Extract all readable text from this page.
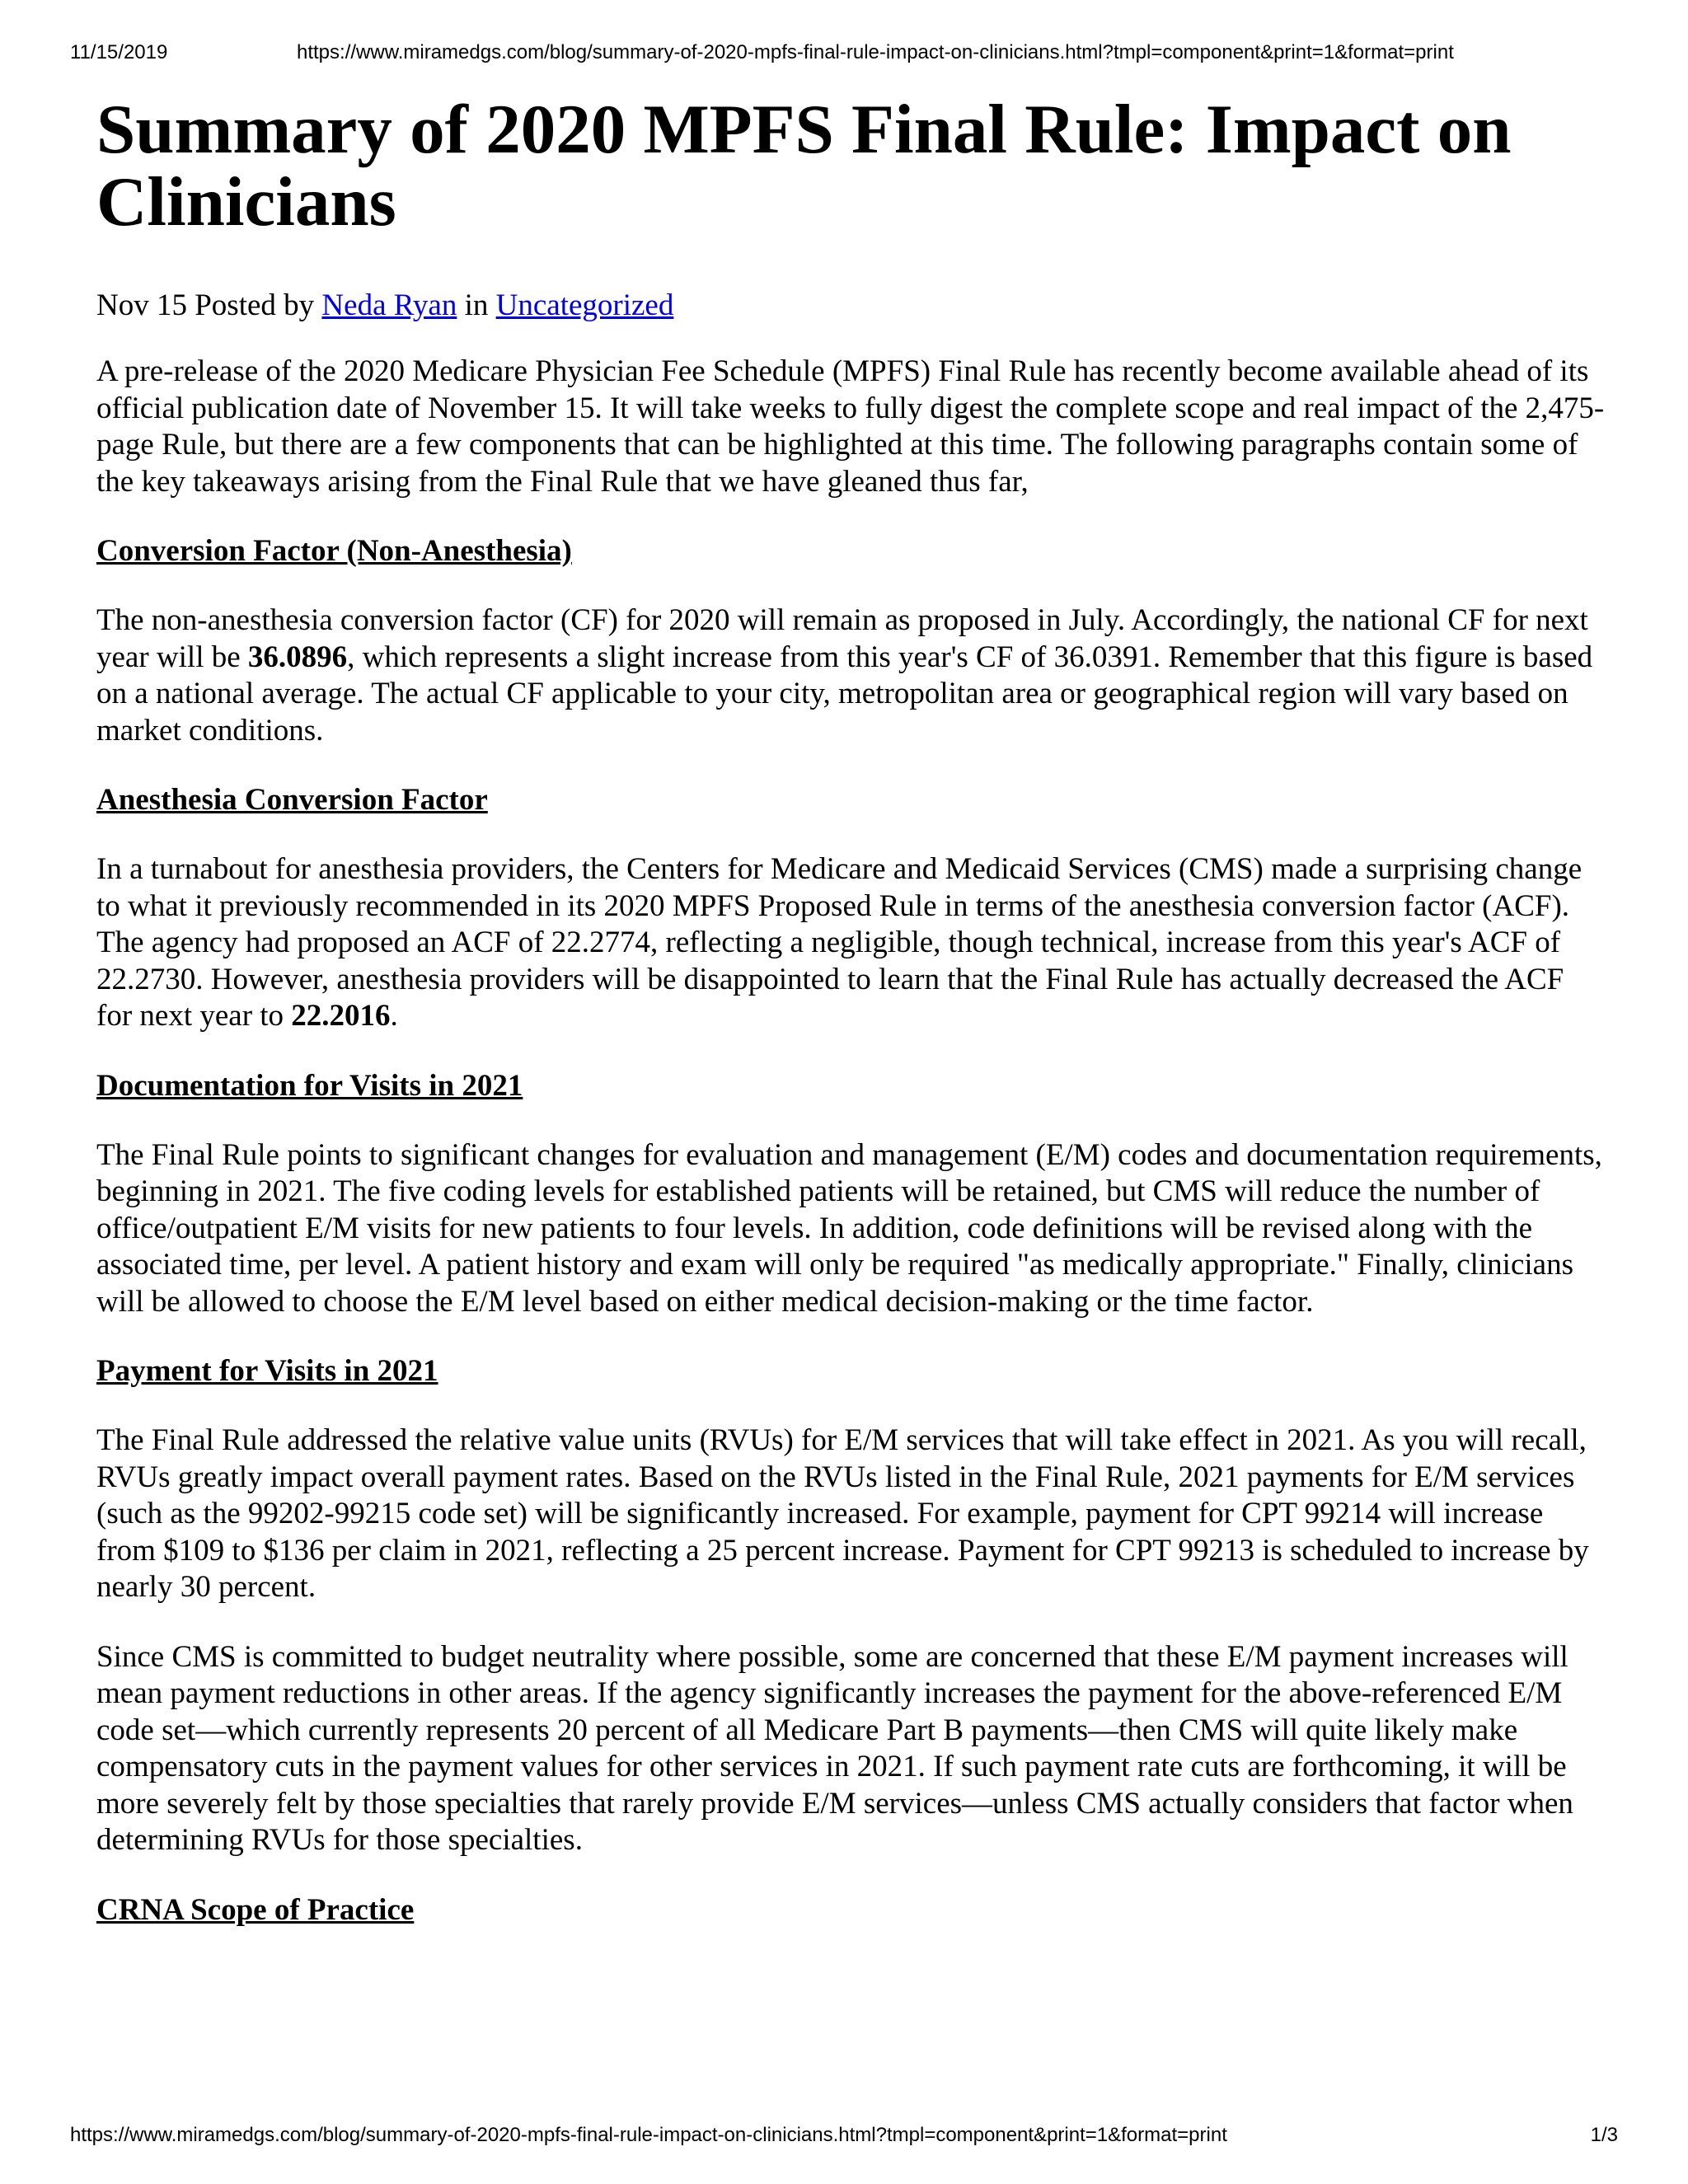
11/15/2019	https://www.miramedgs.com/blog/summary-of-2020-mpfs-final-rule-impact-on-clinicians.html?tmpl=component&print=1&format=print
Summary of 2020 MPFS Final Rule: Impact on Clinicians
Nov 15 Posted by Neda Ryan in Uncategorized

A pre-release of the 2020 Medicare Physician Fee Schedule (MPFS) Final Rule has recently become available ahead of its official publication date of November 15. It will take weeks to fully digest the complete scope and real impact of the 2,475-page Rule, but there are a few components that can be highlighted at this time. The following paragraphs contain some of the key takeaways arising from the Final Rule that we have gleaned thus far,

Conversion Factor (Non-Anesthesia)

The non-anesthesia conversion factor (CF) for 2020 will remain as proposed in July. Accordingly, the national CF for next year will be 36.0896, which represents a slight increase from this year's CF of 36.0391. Remember that this figure is based on a national average. The actual CF applicable to your city, metropolitan area or geographical region will vary based on market conditions.

Anesthesia Conversion Factor

In a turnabout for anesthesia providers, the Centers for Medicare and Medicaid Services (CMS) made a surprising change to what it previously recommended in its 2020 MPFS Proposed Rule in terms of the anesthesia conversion factor (ACF). The agency had proposed an ACF of 22.2774, reflecting a negligible, though technical, increase from this year's ACF of 22.2730. However, anesthesia providers will be disappointed to learn that the Final Rule has actually decreased the ACF for next year to 22.2016.

Documentation for Visits in 2021

The Final Rule points to significant changes for evaluation and management (E/M) codes and documentation requirements, beginning in 2021. The five coding levels for established patients will be retained, but CMS will reduce the number of office/outpatient E/M visits for new patients to four levels. In addition, code definitions will be revised along with the associated time, per level. A patient history and exam will only be required "as medically appropriate." Finally, clinicians will be allowed to choose the E/M level based on either medical decision-making or the time factor.

Payment for Visits in 2021

The Final Rule addressed the relative value units (RVUs) for E/M services that will take effect in 2021. As you will recall, RVUs greatly impact overall payment rates. Based on the RVUs listed in the Final Rule, 2021 payments for E/M services (such as the 99202-99215 code set) will be significantly increased. For example, payment for CPT 99214 will increase from $109 to $136 per claim in 2021, reflecting a 25 percent increase. Payment for CPT 99213 is scheduled to increase by nearly 30 percent.

Since CMS is committed to budget neutrality where possible, some are concerned that these E/M payment increases will mean payment reductions in other areas. If the agency significantly increases the payment for the above-referenced E/M code set—which currently represents 20 percent of all Medicare Part B payments—then CMS will quite likely make compensatory cuts in the payment values for other services in 2021. If such payment rate cuts are forthcoming, it will be more severely felt by those specialties that rarely provide E/M services—unless CMS actually considers that factor when determining RVUs for those specialties.

CRNA Scope of Practice
https://www.miramedgs.com/blog/summary-of-2020-mpfs-final-rule-impact-on-clinicians.html?tmpl=component&print=1&format=print	1/3
